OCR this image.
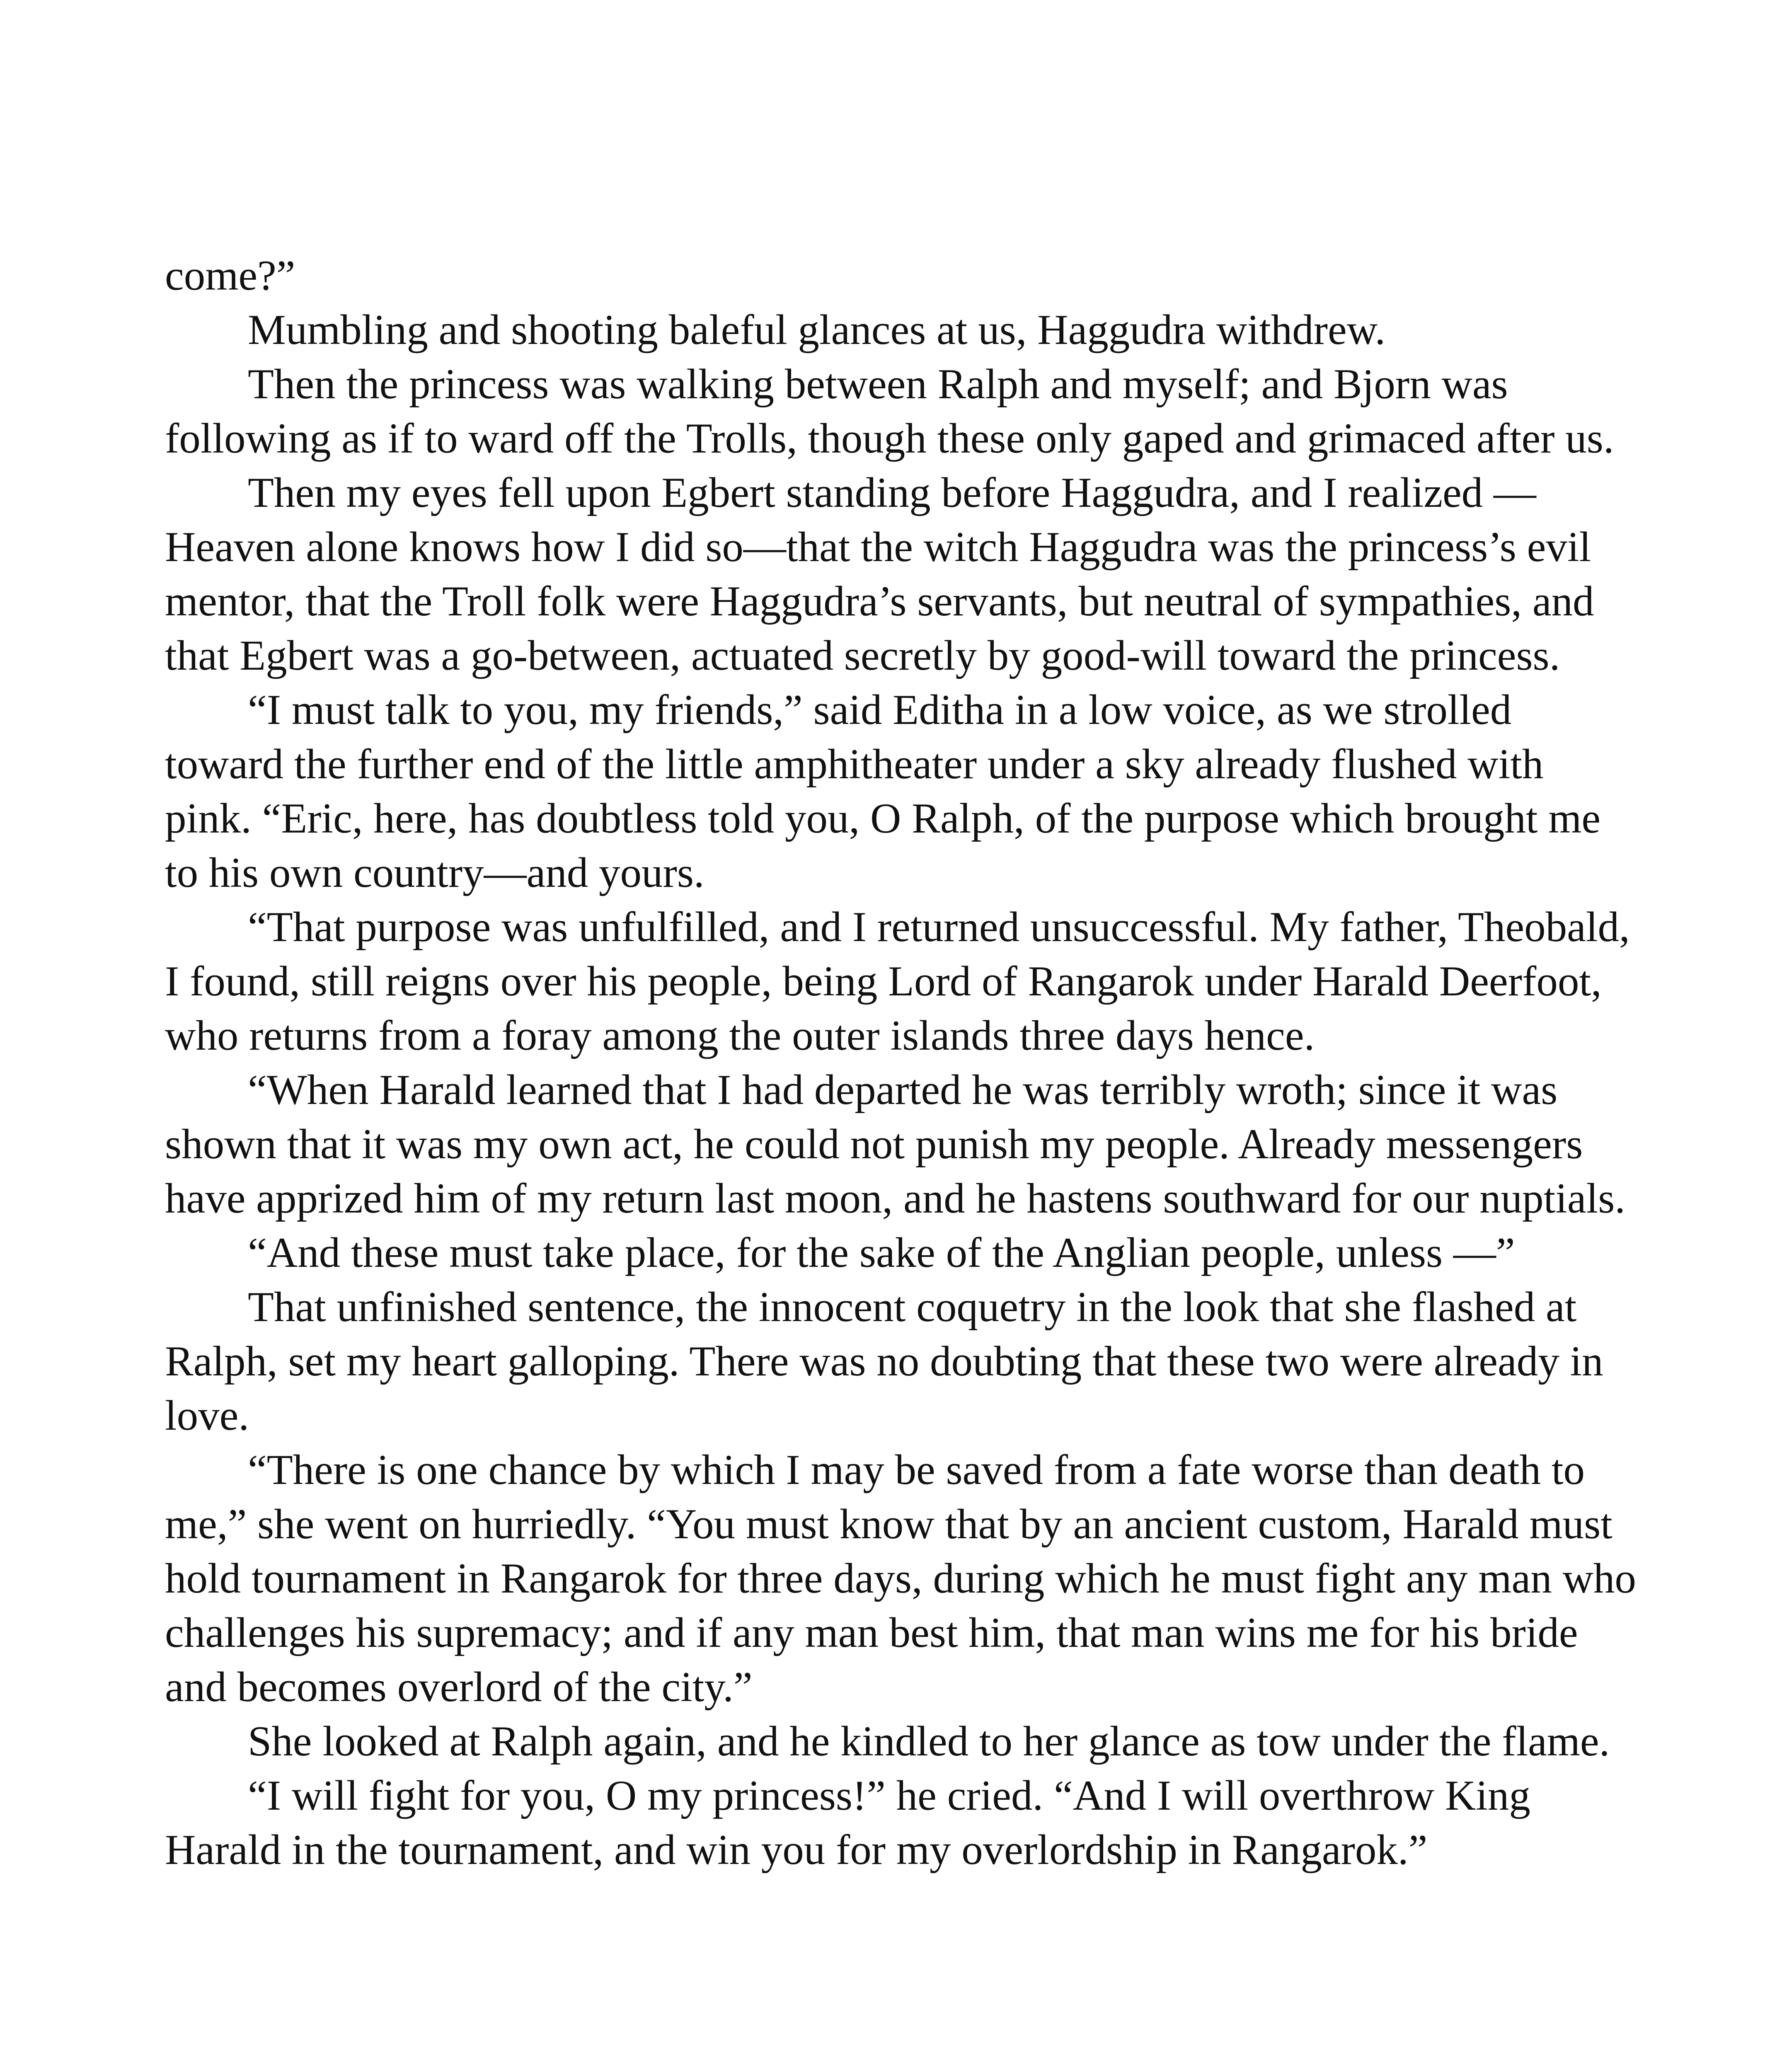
come?”

Mumbling and shooting baleful glances at us, Haggudra withdrew.

Then the princess was walking between Ralph and myself; and Bjorn was following as if to ward off the Trolls, though these only gaped and grimaced after us.

Then my eyes fell upon Egbert standing before Haggudra, and I realized —Heaven alone knows how I did so—that the witch Haggudra was the princess’s evil mentor, that the Troll folk were Haggudra’s servants, but neutral of sympathies, and that Egbert was a go-between, actuated secretly by good-will toward the princess.

“I must talk to you, my friends,” said Editha in a low voice, as we strolled toward the further end of the little amphitheater under a sky already flushed with pink. “Eric, here, has doubtless told you, O Ralph, of the purpose which brought me to his own country—and yours.

“That purpose was unfulfilled, and I returned unsuccessful. My father, Theobald, I found, still reigns over his people, being Lord of Rangarok under Harald Deerfoot, who returns from a foray among the outer islands three days hence.

“When Harald learned that I had departed he was terribly wroth; since it was shown that it was my own act, he could not punish my people. Already messengers have apprized him of my return last moon, and he hastens southward for our nuptials.

“And these must take place, for the sake of the Anglian people, unless —”

That unfinished sentence, the innocent coquetry in the look that she flashed at Ralph, set my heart galloping. There was no doubting that these two were already in love.

“There is one chance by which I may be saved from a fate worse than death to me,” she went on hurriedly. “You must know that by an ancient custom, Harald must hold tournament in Rangarok for three days, during which he must fight any man who challenges his supremacy; and if any man best him, that man wins me for his bride and becomes overlord of the city.”

She looked at Ralph again, and he kindled to her glance as tow under the flame.

“I will fight for you, O my princess!” he cried. “And I will overthrow King Harald in the tournament, and win you for my overlordship in Rangarok.”
